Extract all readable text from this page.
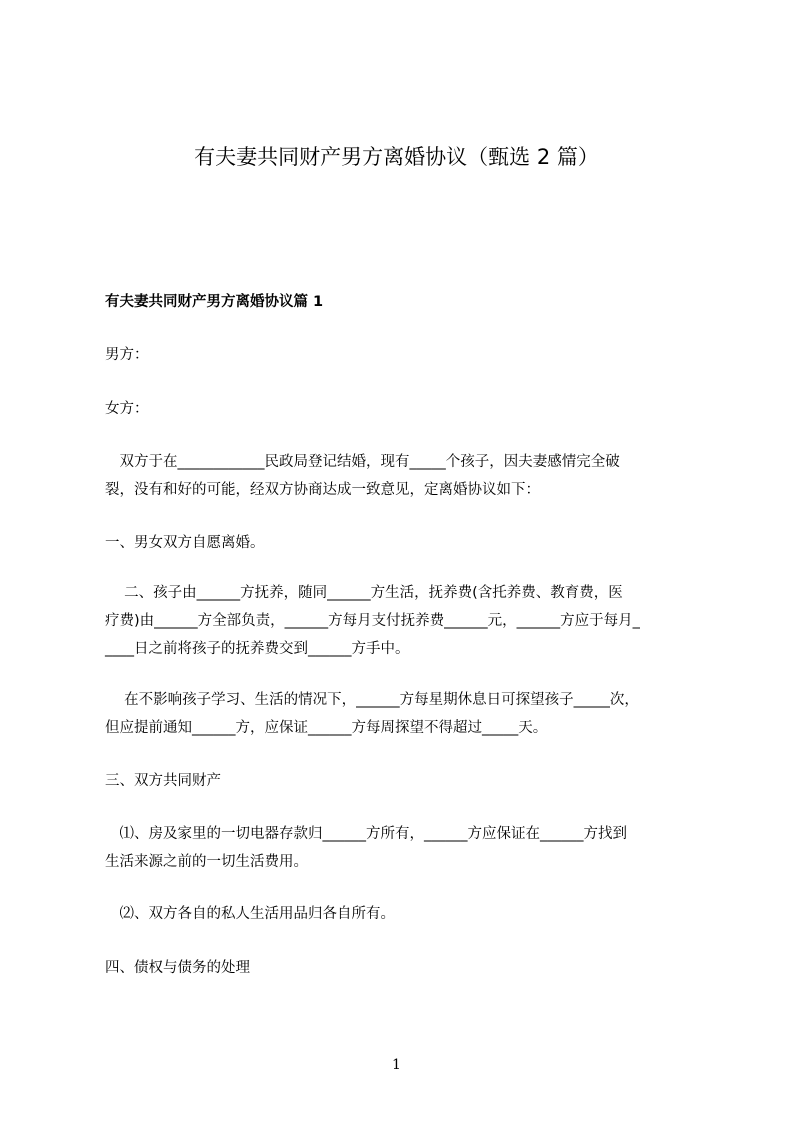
有夫妻共同财产男方离婚协议（甄选 2 篇）
有夫妻共同财产男方离婚协议篇 1
男方：
女方：
　双方于在____________民政局登记结婚，现有_____个孩子，因夫妻感情完全破
裂，没有和好的可能，经双方协商达成一致意见，定离婚协议如下：
一、男女双方自愿离婚。
　 二、孩子由______方抚养，随同______方生活，抚养费(含托养费、教育费，医
疗费)由______方全部负责，______方每月支付抚养费______元，______方应于每月_
____日之前将孩子的抚养费交到______方手中。
　 在不影响孩子学习、生活的情况下，______方每星期休息日可探望孩子_____次，
但应提前通知______方，应保证______方每周探望不得超过_____天。
三、双方共同财产
　⑴、房及家里的一切电器存款归______方所有，______方应保证在______方找到
生活来源之前的一切生活费用。
　⑵、双方各自的私人生活用品归各自所有。
四、债权与债务的处理
1
